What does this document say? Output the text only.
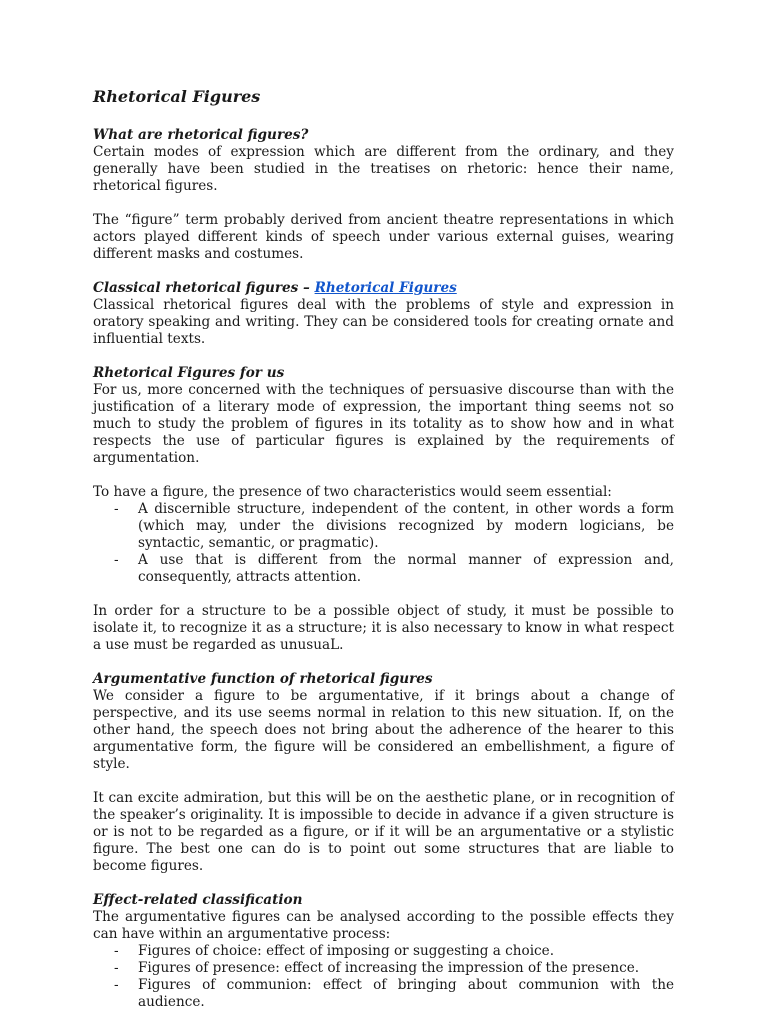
Rhetorical Figures
What are rhetorical figures?

Certain modes of expression which are different from the ordinary, and they generally have been studied in the treatises on rhetoric: hence their name, rhetorical figures.

The “figure” term probably derived from ancient theatre representations in which actors played different kinds of speech under various external guises, wearing different masks and costumes.

Classical rhetorical figures – Rhetorical Figures

Classical rhetorical figures deal with the problems of style and expression in oratory speaking and writing. They can be considered tools for creating ornate and influential texts.

Rhetorical Figures for us

For us, more concerned with the techniques of persuasive discourse than with the justification of a literary mode of expression, the important thing seems not so much to study the problem of figures in its totality as to show how and in what respects the use of particular figures is explained by the requirements of argumentation.

To have a figure, the presence of two characteristics would seem essential:

- A discernible structure, independent of the content, in other words a form (which may, under the divisions recognized by modern logicians, be syntactic, semantic, or pragmatic).
- A use that is different from the normal manner of expression and, consequently, attracts attention.

In order for a structure to be a possible object of study, it must be possible to isolate it, to recognize it as a structure; it is also necessary to know in what respect a use must be regarded as unusuaL.

Argumentative function of rhetorical figures

We consider a figure to be argumentative, if it brings about a change of perspective, and its use seems normal in relation to this new situation. If, on the other hand, the speech does not bring about the adherence of the hearer to this argumentative form, the figure will be considered an embellishment, a figure of style.

It can excite admiration, but this will be on the aesthetic plane, or in recognition of the speaker’s originality. It is impossible to decide in advance if a given structure is or is not to be regarded as a figure, or if it will be an argumentative or a stylistic figure. The best one can do is to point out some structures that are liable to become figures.

Effect-related classification

The argumentative figures can be analysed according to the possible effects they can have within an argumentative process:

- Figures of choice: effect of imposing or suggesting a choice.
- Figures of presence: effect of increasing the impression of the presence.
- Figures of communion: effect of bringing about communion with the audience.
